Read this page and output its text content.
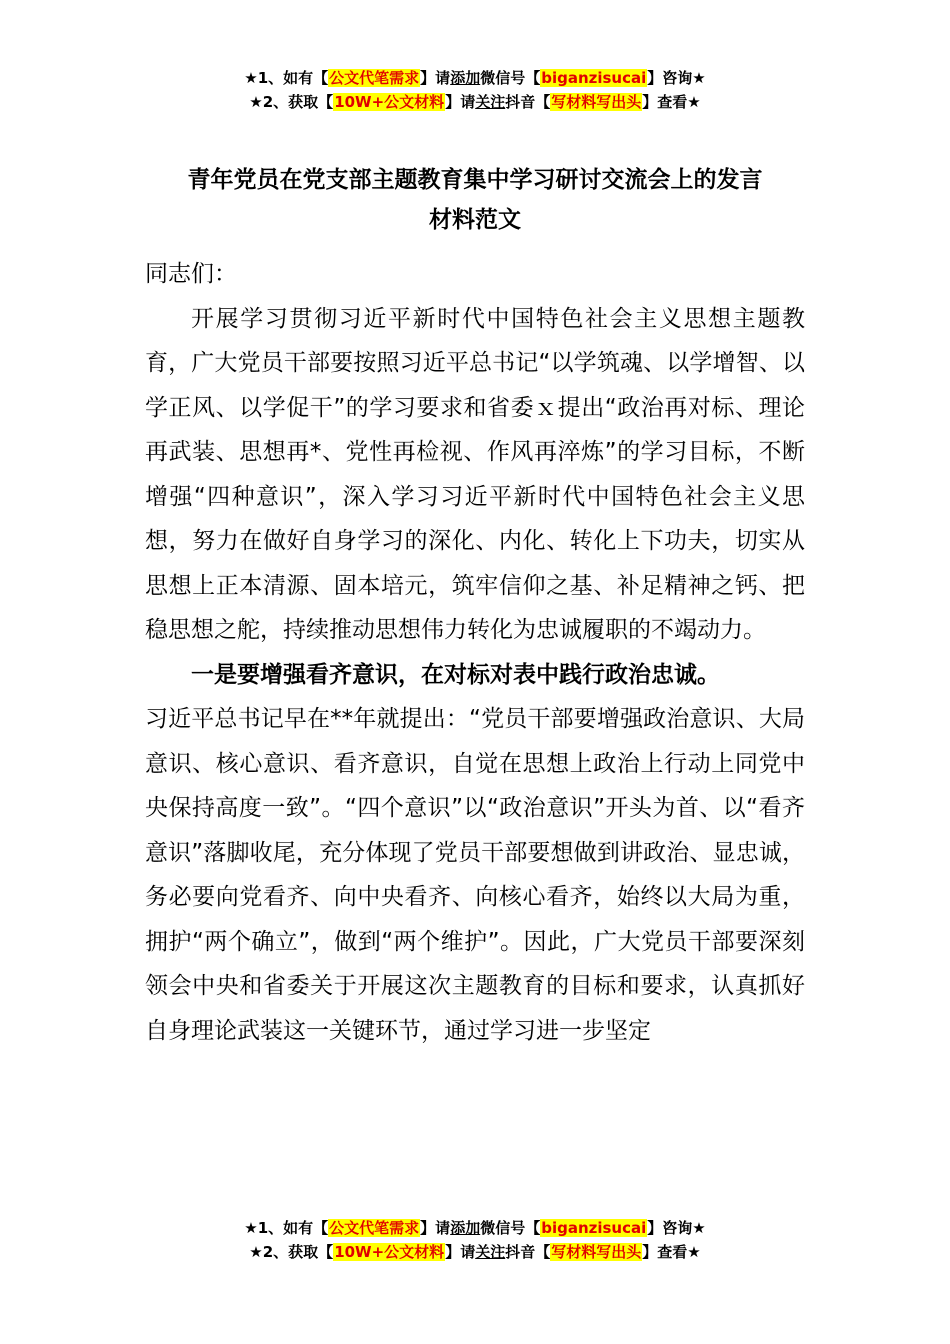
★1、如有【公文代笔需求】请添加微信号【biganzisucai】咨询★
★2、获取【10W+公文材料】请关注抖音【写材料写出头】查看★
青年党员在党支部主题教育集中学习研讨交流会上的发言
材料范文

同志们：

开展学习贯彻习近平新时代中国特色社会主义思想主题教育，广大党员干部要按照习近平总书记“以学筑魂、以学增智、以学正风、以学促干”的学习要求和省委ｘ提出“政治再对标、理论再武装、思想再*、党性再检视、作风再淬炼”的学习目标，不断增强“四种意识”，深入学习习近平新时代中国特色社会主义思想，努力在做好自身学习的深化、内化、转化上下功夫，切实从思想上正本清源、固本培元，筑牢信仰之基、补足精神之钙、把稳思想之舵，持续推动思想伟力转化为忠诚履职的不竭动力。

一是要增强看齐意识，在对标对表中践行政治忠诚。

习近平总书记早在**年就提出：“党员干部要增强政治意识、大局意识、核心意识、看齐意识，自觉在思想上政治上行动上同党中央保持高度一致”。“四个意识”以“政治意识”开头为首、以“看齐意识”落脚收尾，充分体现了党员干部要想做到讲政治、显忠诚，务必要向党看齐、向中央看齐、向核心看齐，始终以大局为重，拥护“两个确立”，做到“两个维护”。因此，广大党员干部要深刻领会中央和省委关于开展这次主题教育的目标和要求，认真抓好自身理论武装这一关键环节，通过学习进一步坚定

★1、如有【公文代笔需求】请添加微信号【biganzisucai】咨询★
★2、获取【10W+公文材料】请关注抖音【写材料写出头】查看★
